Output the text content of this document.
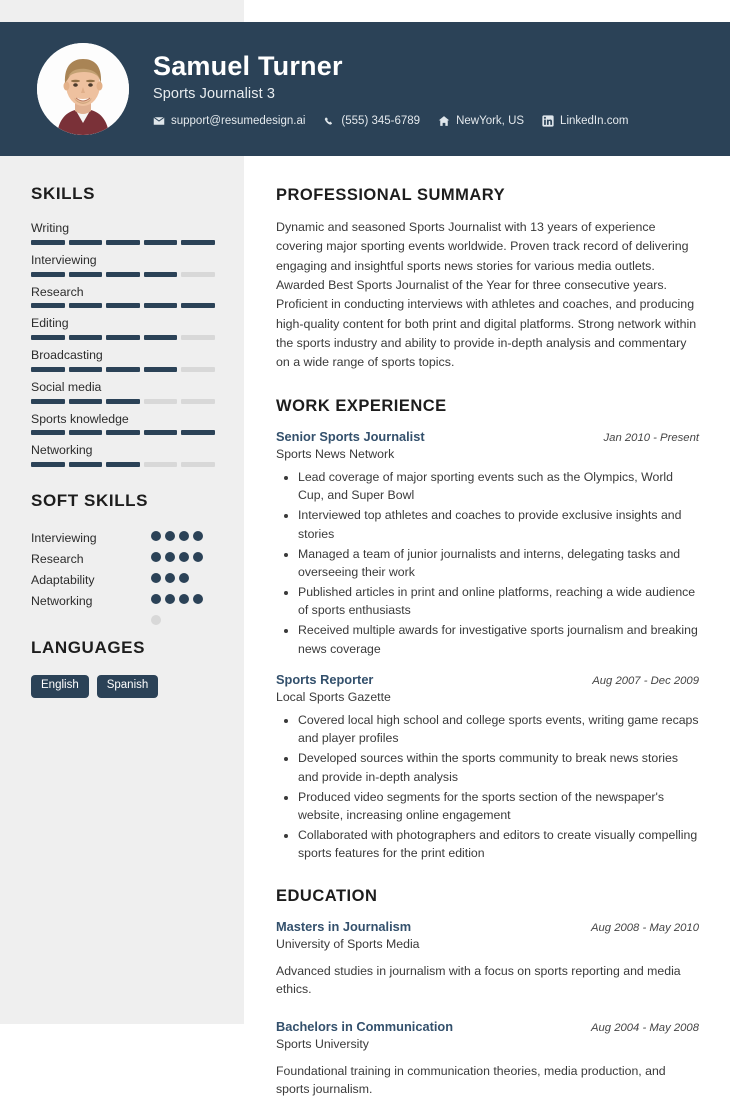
Samuel Turner
Sports Journalist 3
support@resumedesign.ai	(555) 345-6789	NewYork, US	LinkedIn.com
SKILLS
Writing
Interviewing
Research
Editing
Broadcasting
Social media
Sports knowledge
Networking
SOFT SKILLS
Interviewing
Research
Adaptability
Networking
LANGUAGES
English	Spanish
PROFESSIONAL SUMMARY
Dynamic and seasoned Sports Journalist with 13 years of experience covering major sporting events worldwide. Proven track record of delivering engaging and insightful sports news stories for various media outlets. Awarded Best Sports Journalist of the Year for three consecutive years. Proficient in conducting interviews with athletes and coaches, and producing high-quality content for both print and digital platforms. Strong network within the sports industry and ability to provide in-depth analysis and commentary on a wide range of sports topics.
WORK EXPERIENCE
Senior Sports Journalist	Jan 2010 - Present
Sports News Network
• Lead coverage of major sporting events such as the Olympics, World Cup, and Super Bowl
• Interviewed top athletes and coaches to provide exclusive insights and stories
• Managed a team of junior journalists and interns, delegating tasks and overseeing their work
• Published articles in print and online platforms, reaching a wide audience of sports enthusiasts
• Received multiple awards for investigative sports journalism and breaking news coverage
Sports Reporter	Aug 2007 - Dec 2009
Local Sports Gazette
• Covered local high school and college sports events, writing game recaps and player profiles
• Developed sources within the sports community to break news stories and provide in-depth analysis
• Produced video segments for the sports section of the newspaper's website, increasing online engagement
• Collaborated with photographers and editors to create visually compelling sports features for the print edition
EDUCATION
Masters in Journalism	Aug 2008 - May 2010
University of Sports Media
Advanced studies in journalism with a focus on sports reporting and media ethics.
Bachelors in Communication	Aug 2004 - May 2008
Sports University
Foundational training in communication theories, media production, and sports journalism.
